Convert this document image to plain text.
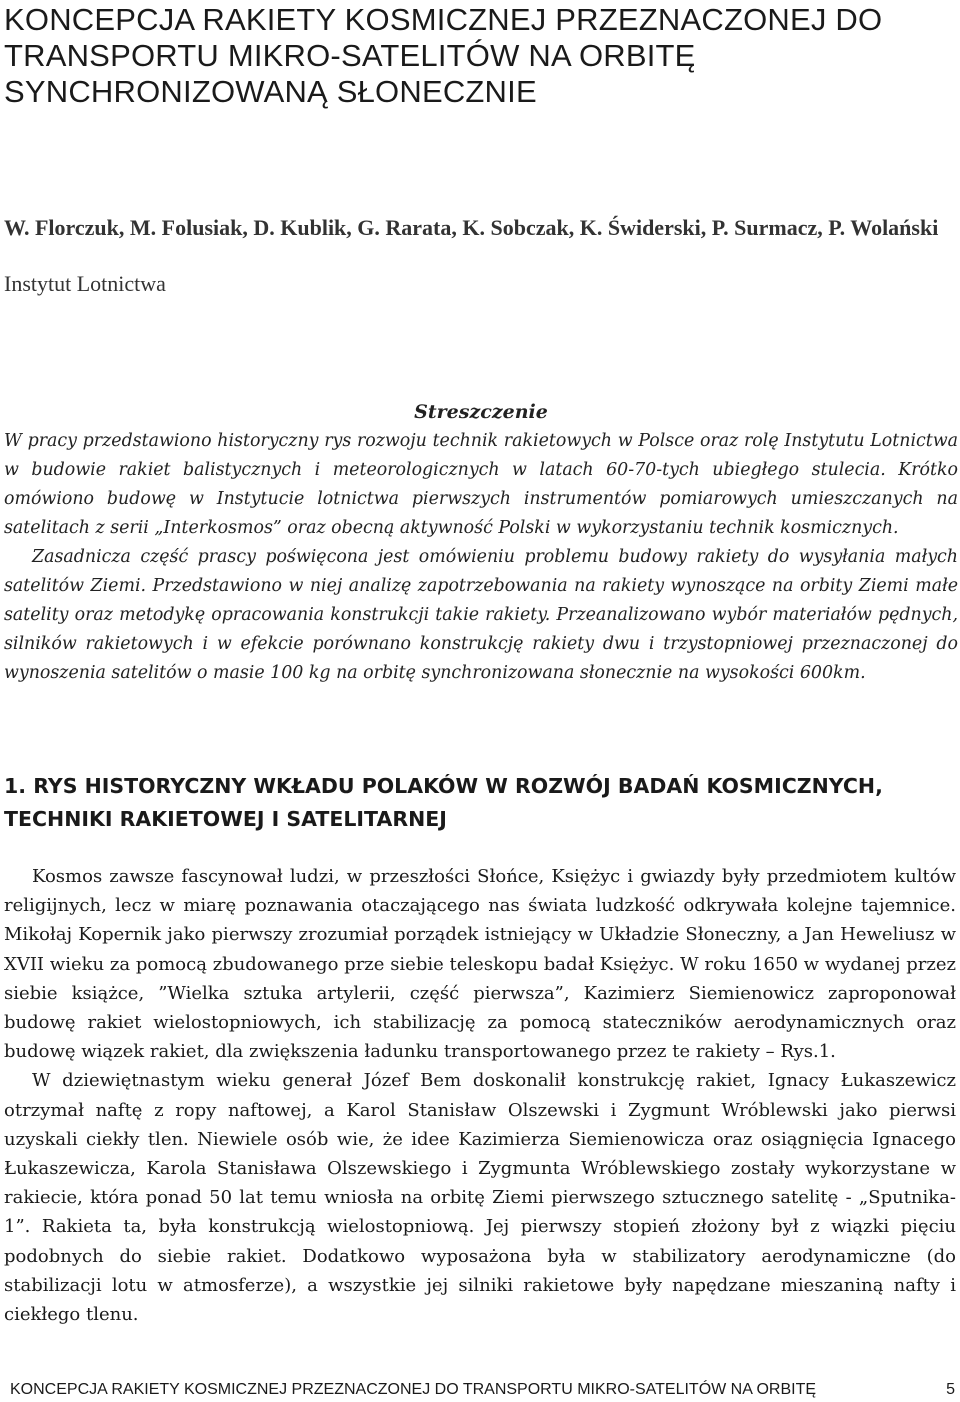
KONCEPCJA RAKIETY KOSMICZNEJ PRZEZNACZONEJ DO TRANSPORTU MIKRO-SATELITÓW NA ORBITĘ SYNCHRONIZOWANĄ SŁONECZNIE

W. Florczuk, M. Folusiak, D. Kublik, G. Rarata, K. Sobczak, K. Świderski, P. Surmacz, P. Wolański

Instytut Lotnictwa

Streszczenie

W pracy przedstawiono historyczny rys rozwoju technik rakietowych w Polsce oraz rolę Instytutu Lotnictwa w budowie rakiet balistycznych i meteorologicznych w latach 60-70-tych ubiegłego stulecia. Krótko omówiono budowę w Instytucie lotnictwa pierwszych instrumentów pomiarowych umieszczanych na satelitach z serii „Interkosmos” oraz obecną aktywność Polski w wykorzystaniu technik kosmicznych.

Zasadnicza część prascy poświęcona jest omówieniu problemu budowy rakiety do wysyłania małych satelitów Ziemi. Przedstawiono w niej analizę zapotrzebowania na rakiety wynoszące na orbity Ziemi małe satelity oraz metodykę opracowania konstrukcji takie rakiety. Przeanalizowano wybór materiałów pędnych, silników rakietowych i w efekcie porównano konstrukcję rakiety dwu i trzystopniowej przeznaczonej do wynoszenia satelitów o masie 100 kg na orbitę synchronizowana słonecznie na wysokości 600km.

1. RYS HISTORYCZNY WKŁADU POLAKÓW W ROZWÓJ BADAŃ KOSMICZNYCH, TECHNIKI RAKIETOWEJ I SATELITARNEJ

Kosmos zawsze fascynował ludzi, w przeszłości Słońce, Księżyc i gwiazdy były przedmiotem kultów religijnych, lecz w miarę poznawania otaczającego nas świata ludzkość odkrywała kolejne tajemnice. Mikołaj Kopernik jako pierwszy zrozumiał porządek istniejący w Układzie Słoneczny, a Jan Heweliusz w XVII wieku za pomocą zbudowanego prze siebie teleskopu badał Księżyc. W roku 1650 w wydanej przez siebie książce, ”Wielka sztuka artylerii, część pierwsza”, Kazimierz Siemienowicz zaproponował budowę rakiet wielostopniowych, ich stabilizację za pomocą stateczników aerodynamicznych oraz budowę wiązek rakiet, dla zwiększenia ładunku transportowanego przez te rakiety – Rys.1.

W dziewiętnastym wieku generał Józef Bem doskonalił konstrukcję rakiet, Ignacy Łukaszewicz otrzymał naftę z ropy naftowej, a Karol Stanisław Olszewski i Zygmunt Wróblewski jako pierwsi uzyskali ciekły tlen. Niewiele osób wie, że idee Kazimierza Siemienowicza oraz osiągnięcia Ignacego Łukaszewicza, Karola Stanisława Olszewskiego i Zygmunta Wróblewskiego zostały wykorzystane w rakiecie, która ponad 50 lat temu wniosła na orbitę Ziemi pierwszego sztucznego satelitę - „Sputnika-1”. Rakieta ta, była konstrukcją wielostopniową. Jej pierwszy stopień złożony był z wiązki pięciu podobnych do siebie rakiet. Dodatkowo wyposażona była w stabilizatory aerodynamiczne (do stabilizacji lotu w atmosferze), a wszystkie jej silniki rakietowe były napędzane mieszaniną nafty i ciekłego tlenu.

KONCEPCJA RAKIETY KOSMICZNEJ PRZEZNACZONEJ DO TRANSPORTU MIKRO-SATELITÓW NA ORBITĘ	5
